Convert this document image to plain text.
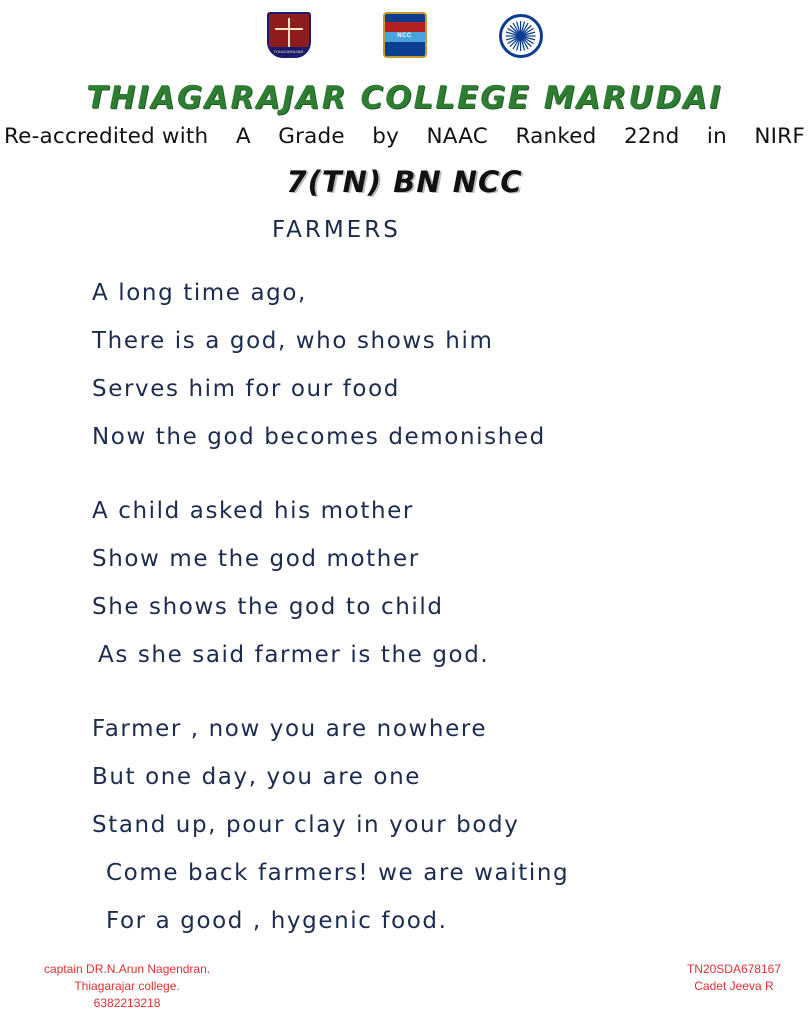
THIAGARAJAR
NCC
THIAGARAJAR COLLEGE MARUDAI
Re-accredited with A Grade by NAAC Ranked 22nd in NIRF
7(TN) BN NCC
FARMERS
A long time ago,
There is a god, who shows him
Serves him for our food
Now the god becomes demonished
A child asked his mother
Show me the god mother
She shows the god to child
As she said farmer is the god.
Farmer , now you are nowhere
But one day, you are one
Stand up, pour clay in your body
Come back farmers! we are waiting
For a good , hygenic food.
captain DR.N.Arun Nagendran.
Thiagarajar college.
6382213218
TN20SDA678167
Cadet Jeeva R
